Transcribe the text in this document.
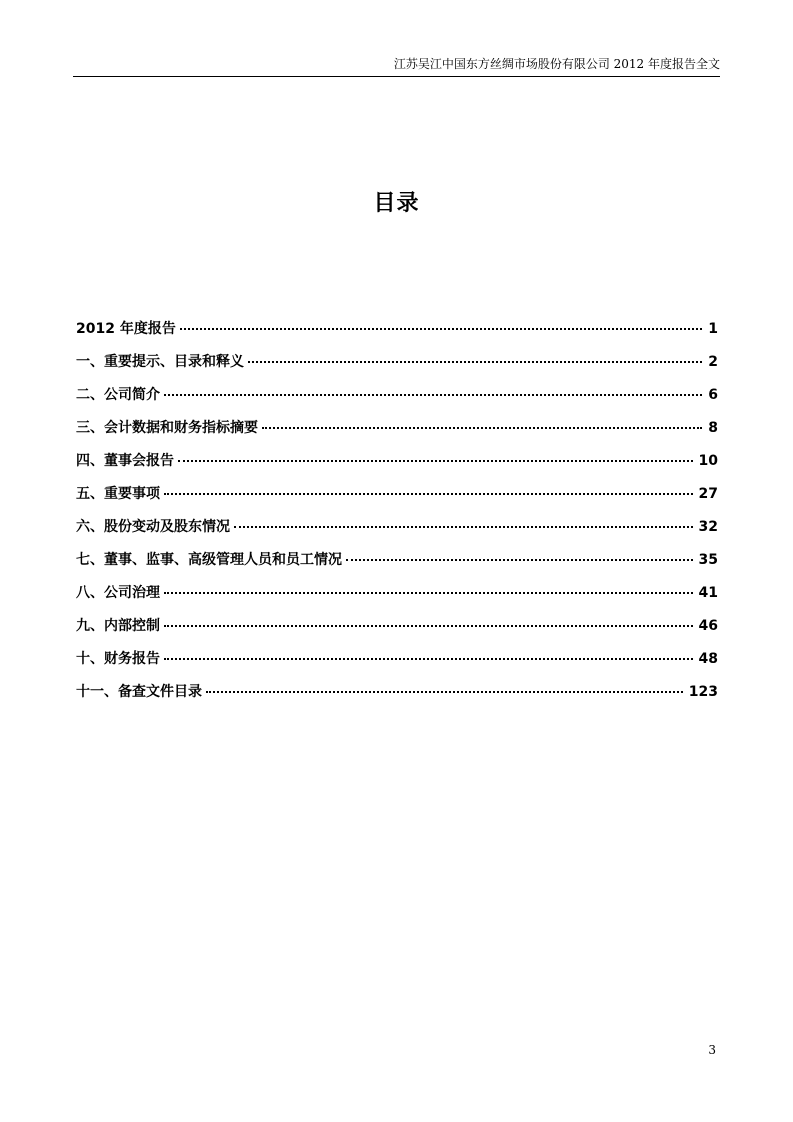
江苏吴江中国东方丝绸市场股份有限公司 2012 年度报告全文
目录
2012 年度报告	1
一、重要提示、目录和释义	2
二、公司简介	6
三、会计数据和财务指标摘要	8
四、董事会报告	10
五、重要事项	27
六、股份变动及股东情况	32
七、董事、监事、高级管理人员和员工情况	35
八、公司治理	41
九、内部控制	46
十、财务报告	48
十一、备查文件目录	123
3
